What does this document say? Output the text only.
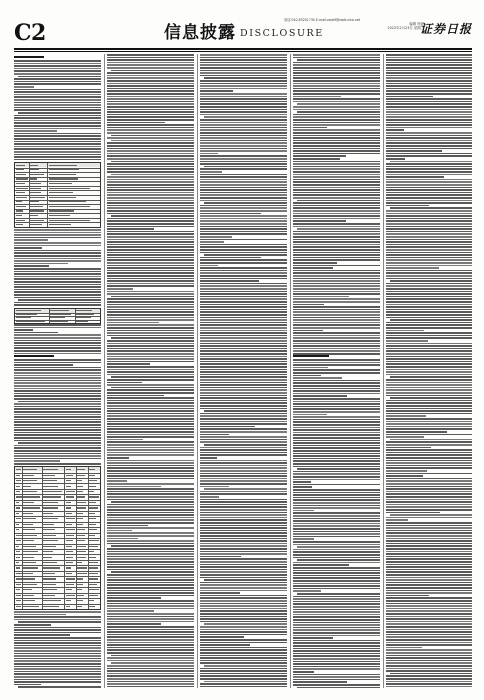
C2	信息披露 DISCLOSURE
编辑 杨波
2022年2月23日 星期三
证券日报
电话:010-83251730 E-mail:zqrb9@zqrb.sina.net
